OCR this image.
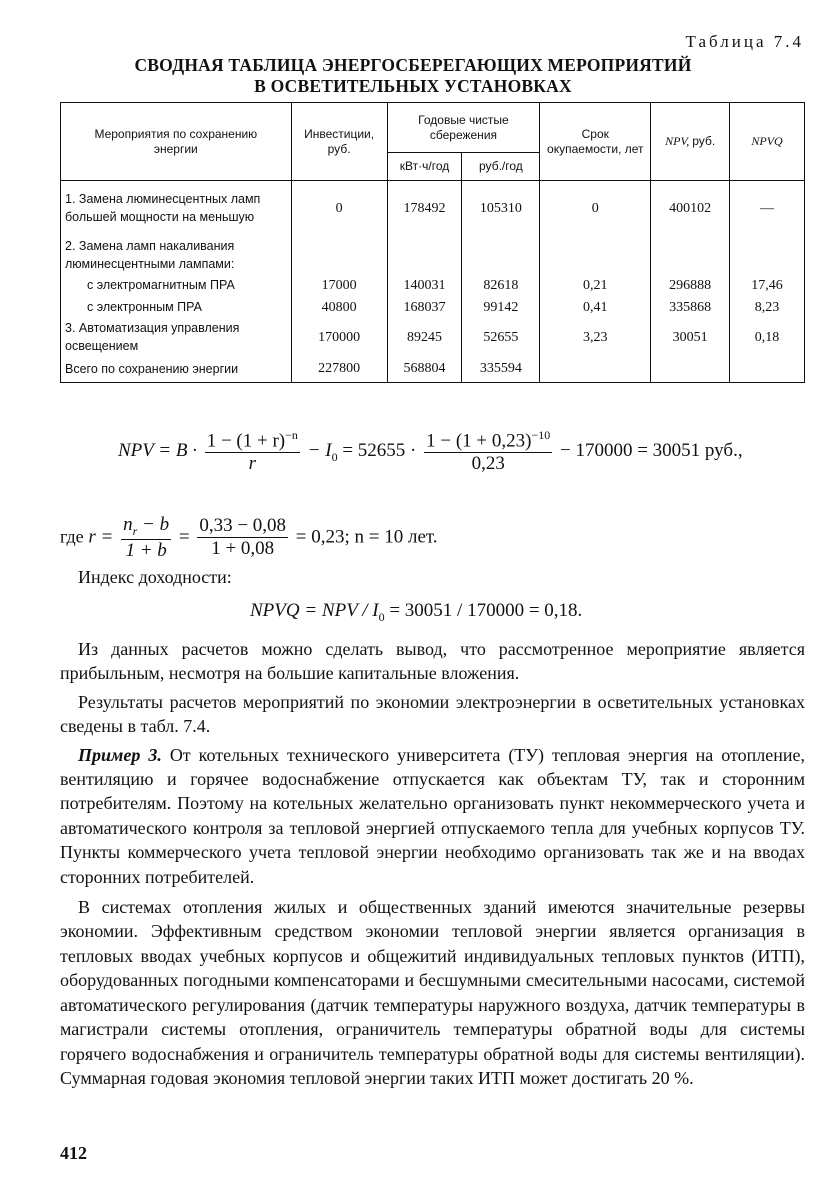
Таблица 7.4
СВОДНАЯ ТАБЛИЦА ЭНЕРГОСБЕРЕГАЮЩИХ МЕРОПРИЯТИЙ
В ОСВЕТИТЕЛЬНЫХ УСТАНОВКАХ
Мероприятия по сохранению энергии	Инвестиции, руб.	Годовые чистые сбережения		Срок окупаемости, лет	NPV, руб.	NPVQ
		кВт·ч/год	руб./год			
1. Замена люминесцентных ламп большей мощности на меньшую	0	178492	105310	0	400102	—
2. Замена ламп накаливания люминесцентными лампами:						
с электромагнитным ПРА	17000	140031	82618	0,21	296888	17,46
с электронным ПРА	40800	168037	99142	0,41	335868	8,23
3. Автоматизация управления освещением	170000	89245	52655	3,23	30051	0,18
Всего по сохранению энергии	227800	568804	335594			
NPV = $B \cdot \frac{1 - (1 + r)^{-n}}{r} - I_0 = 52655 \cdot \frac{1 - (1 + 0,23)^{-10}}{0,23} - 170000 = 30051$ руб.,
где $r = \frac{n_r - b}{1 + b} = \frac{0,33 - 0,08}{1 + 0,08} = 0,23$; n = 10 лет.
Индекс доходности:
NPVQ = NPV / $I_0 = 30051 / 170000 = 0,18$.

Из данных расчетов можно сделать вывод, что рассмотренное мероприятие является прибыльным, несмотря на большие капитальные вложения.

Результаты расчетов мероприятий по экономии электроэнергии в осветительных установках сведены в табл. 7.4.

Пример 3. От котельных технического университета (ТУ) тепловая энергия на отопление, вентиляцию и горячее водоснабжение отпускается как объектам ТУ, так и сторонним потребителям. Поэтому на котельных желательно организовать пункт некоммерческого учета и автоматического контроля за тепловой энергией отпускаемого тепла для учебных корпусов ТУ. Пункты коммерческого учета тепловой энергии необходимо организовать так же и на вводах сторонних потребителей.

В системах отопления жилых и общественных зданий имеются значительные резервы экономии. Эффективным средством экономии тепловой энергии является организация в тепловых вводах учебных корпусов и общежитий индивидуальных тепловых пунктов (ИТП), оборудованных погодными компенсаторами и бесшумными смесительными насосами, системой автоматического регулирования (датчик температуры наружного воздуха, датчик температуры в магистрали системы отопления, ограничитель температуры обратной воды для системы горячего водоснабжения и ограничитель температуры обратной воды для системы вентиляции). Суммарная годовая экономия тепловой энергии таких ИТП может достигать 20 %.

412
